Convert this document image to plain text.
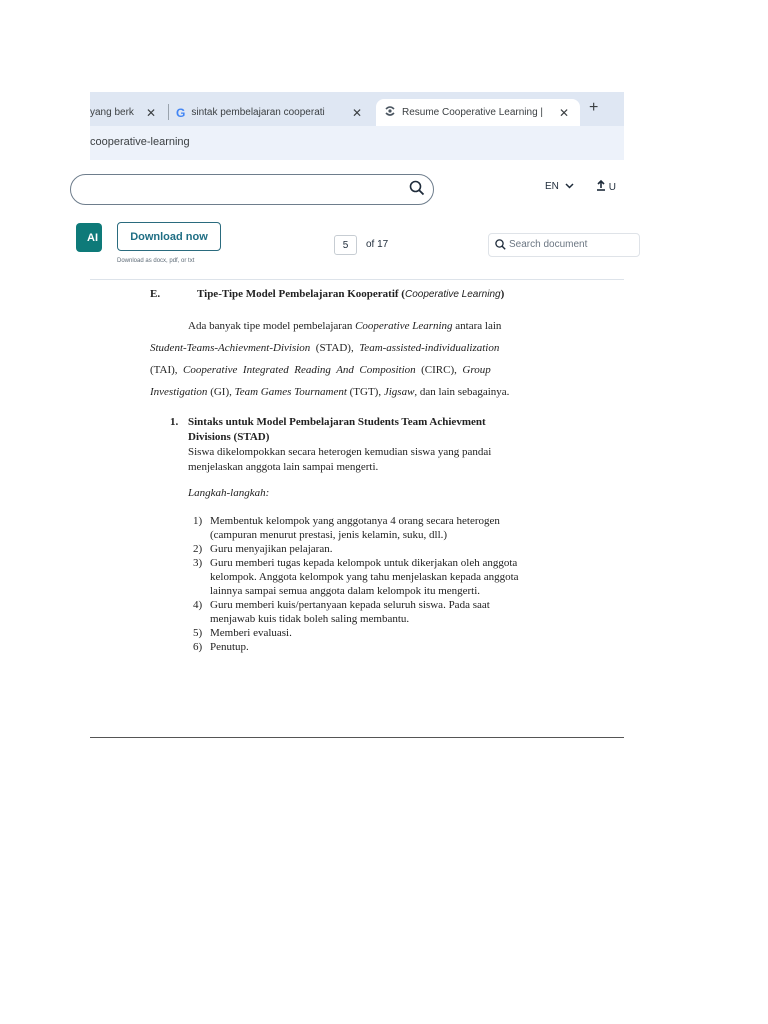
yang berk ✕ G sintak pembelajaran cooperati	✕	Resume Cooperative Learning |	✕ +
cooperative-learning
EN	U
AI	Download now
Download as docx, pdf, or txt
5	of 17	Search document
E.	Tipe-Tipe Model Pembelajaran Kooperatif (Cooperative Learning)
Ada banyak tipe model pembelajaran Cooperative Learning antara lain
Student-Teams-Achievment-Division  (STAD),  Team-assisted-individualization
(TAI),  Cooperative  Integrated  Reading  And  Composition  (CIRC),  Group
Investigation (GI), Team Games Tournament (TGT), Jigsaw, dan lain sebagainya.
1. Sintaks untuk Model Pembelajaran Students Team Achievment
Divisions (STAD)
Siswa dikelompokkan secara heterogen kemudian siswa yang pandai
menjelaskan anggota lain sampai mengerti.
Langkah-langkah:
1) Membentuk kelompok yang anggotanya 4 orang secara heterogen
(campuran menurut prestasi, jenis kelamin, suku, dll.)
2) Guru menyajikan pelajaran.
3) Guru memberi tugas kepada kelompok untuk dikerjakan oleh anggota
kelompok. Anggota kelompok yang tahu menjelaskan kepada anggota
lainnya sampai semua anggota dalam kelompok itu mengerti.
4) Guru memberi kuis/pertanyaan kepada seluruh siswa. Pada saat
menjawab kuis tidak boleh saling membantu.
5) Memberi evaluasi.
6) Penutup.
